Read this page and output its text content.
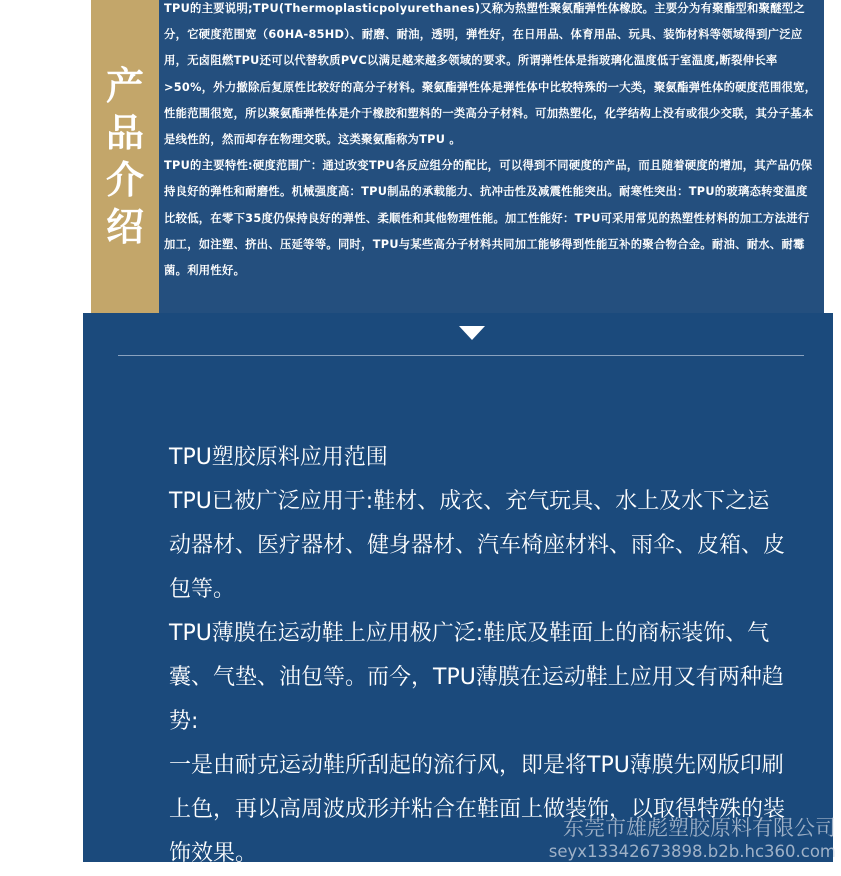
产品介绍

TPU的主要说明;TPU(Thermoplasticpolyurethanes)又称为热塑性聚氨酯弹性体橡胶。主要分为有聚酯型和聚醚型之分，它硬度范围宽（60HA-85HD）、耐磨、耐油，透明，弹性好，在日用品、体育用品、玩具、装饰材料等领域得到广泛应用，无卤阻燃TPU还可以代替软质PVC以满足越来越多领域的要求。所谓弹性体是指玻璃化温度低于室温度,断裂伸长率>50%，外力撤除后复原性比较好的高分子材料。聚氨酯弹性体是弹性体中比较特殊的一大类，聚氨酯弹性体的硬度范围很宽，性能范围很宽，所以聚氨酯弹性体是介于橡胶和塑料的一类高分子材料。可加热塑化，化学结构上没有或很少交联，其分子基本是线性的，然而却存在物理交联。这类聚氨酯称为TPU 。

TPU的主要特性:硬度范围广：通过改变TPU各反应组分的配比，可以得到不同硬度的产品，而且随着硬度的增加，其产品仍保持良好的弹性和耐磨性。机械强度高：TPU制品的承载能力、抗冲击性及减震性能突出。耐寒性突出：TPU的玻璃态转变温度比较低，在零下35度仍保持良好的弹性、柔顺性和其他物理性能。加工性能好：TPU可采用常见的热塑性材料的加工方法进行加工，如注塑、挤出、压延等等。同时，TPU与某些高分子材料共同加工能够得到性能互补的聚合物合金。耐油、耐水、耐霉菌。利用性好。

TPU塑胶原料应用范围

TPU已被广泛应用于:鞋材、成衣、充气玩具、水上及水下之运动器材、医疗器材、健身器材、汽车椅座材料、雨伞、皮箱、皮包等。

TPU薄膜在运动鞋上应用极广泛:鞋底及鞋面上的商标装饰、气囊、气垫、油包等。而今，TPU薄膜在运动鞋上应用又有两种趋势:

一是由耐克运动鞋所刮起的流行风，即是将TPU薄膜先网版印刷上色，再以高周波成形并粘合在鞋面上做装饰，以取得特殊的装饰效果。

东莞市雄彪塑胶原料有限公司
seyx13342673898.b2b.hc360.com
